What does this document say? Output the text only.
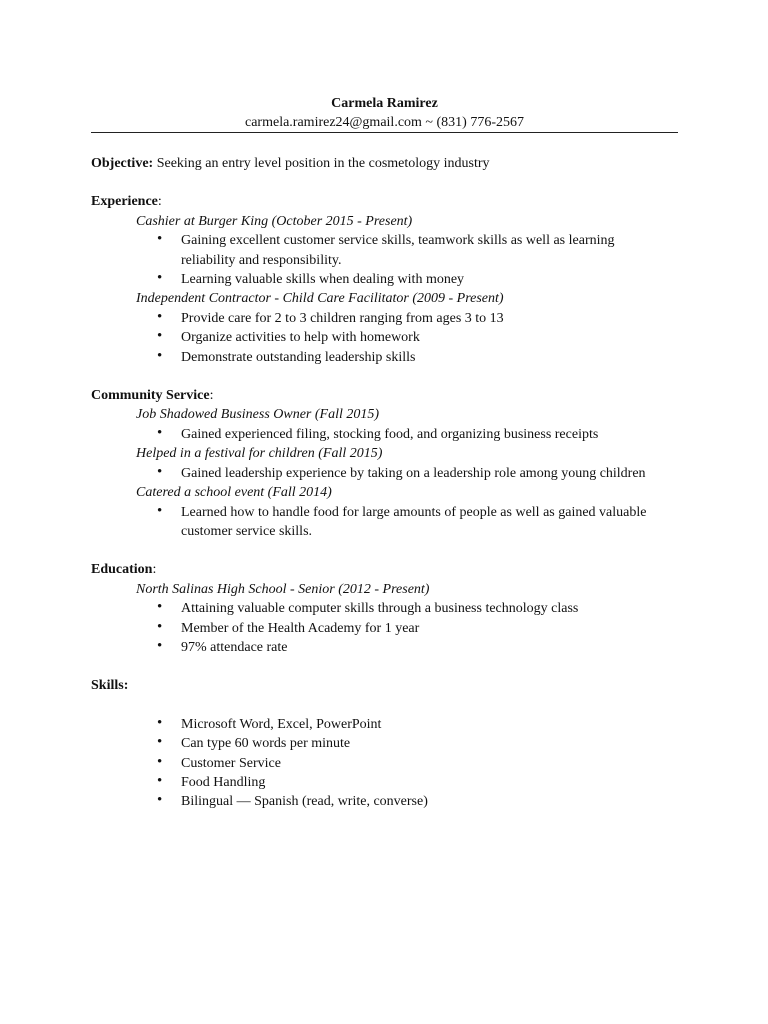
Carmela Ramirez
carmela.ramirez24@gmail.com ~ (831) 776-2567
Objective: Seeking an entry level position in the cosmetology industry
Experience:
Cashier at Burger King (October 2015 - Present)
• Gaining excellent customer service skills, teamwork skills as well as learning reliability and responsibility.
• Learning valuable skills when dealing with money
Independent Contractor - Child Care Facilitator (2009 - Present)
• Provide care for 2 to 3 children ranging from ages 3 to 13
• Organize activities to help with homework
• Demonstrate outstanding leadership skills
Community Service:
Job Shadowed Business Owner (Fall 2015)
• Gained experienced filing, stocking food, and organizing business receipts
Helped in a festival for children (Fall 2015)
• Gained leadership experience by taking on a leadership role among young children
Catered a school event (Fall 2014)
• Learned how to handle food for large amounts of people as well as gained valuable customer service skills.
Education:
North Salinas High School - Senior (2012 - Present)
• Attaining valuable computer skills through a business technology class
• Member of the Health Academy for 1 year
• 97% attendace rate
Skills:
• Microsoft Word, Excel, PowerPoint
• Can type 60 words per minute
• Customer Service
• Food Handling
• Bilingual — Spanish (read, write, converse)
